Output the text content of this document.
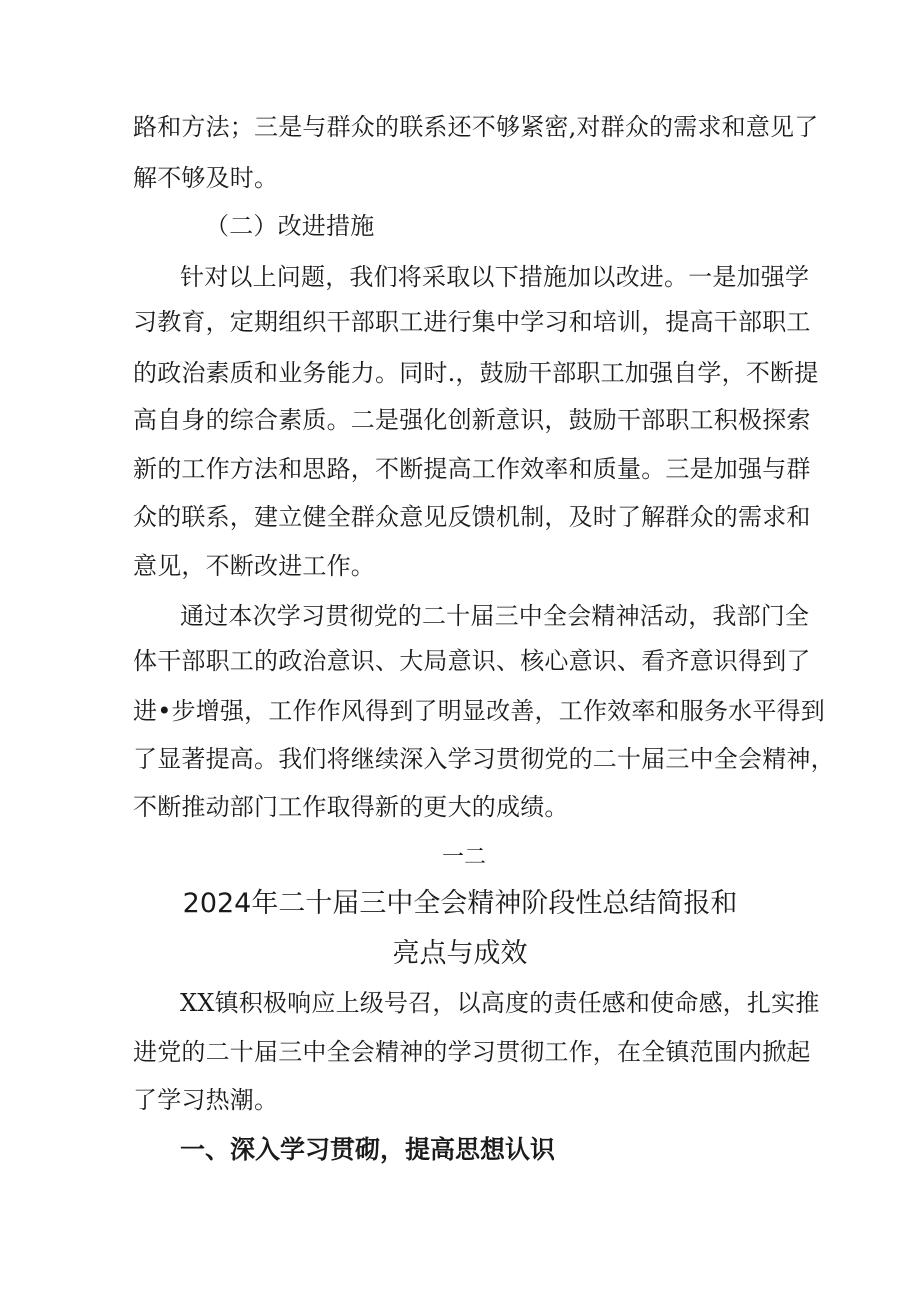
路和方法；三是与群众的联系还不够紧密,对群众的需求和意见了
解不够及时。
（二）改进措施
针对以上问题，我们将采取以下措施加以改进。一是加强学
习教育，定期组织干部职工进行集中学习和培训，提高干部职工
的政治素质和业务能力。同时.，鼓励干部职工加强自学，不断提
高自身的综合素质。二是强化创新意识，鼓励干部职工积极探索
新的工作方法和思路，不断提高工作效率和质量。三是加强与群
众的联系，建立健全群众意见反馈机制，及时了解群众的需求和
意见，不断改进工作。
通过本次学习贯彻党的二十届三中全会精神活动，我部门全
体干部职工的政治意识、大局意识、核心意识、看齐意识得到了
进•步增强，工作作风得到了明显改善，工作效率和服务水平得到
了显著提高。我们将继续深入学习贯彻党的二十届三中全会精神，
不断推动部门工作取得新的更大的成绩。
一二
2024年二十届三中全会精神阶段性总结简报和
亮点与成效
XX镇积极响应上级号召，以高度的责任感和使命感，扎实推
进党的二十届三中全会精神的学习贯彻工作，在全镇范围内掀起
了学习热潮。
一、深入学习贯砌，提高思想认识
